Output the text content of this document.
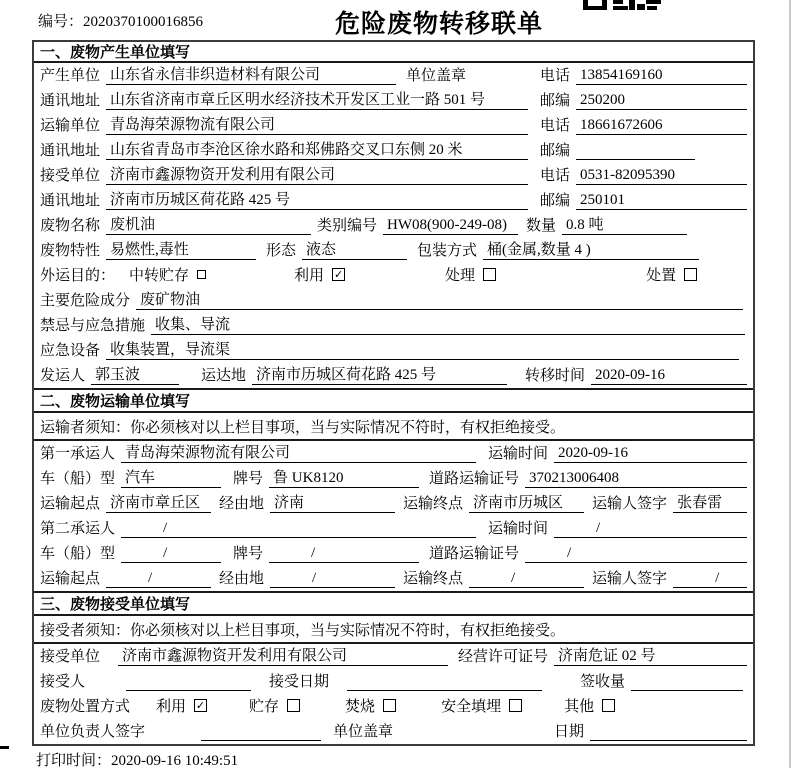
编号：2020370100016856	危险废物转移联单
一、废物产生单位填写
产生单位 山东省永信非织造材料有限公司	单位盖章	电话 13854169160
通讯地址 山东省济南市章丘区明水经济技术开发区工业一路 501 号	邮编 250200
运输单位 青岛海荣源物流有限公司	电话 18661672606
通讯地址 山东省青岛市李沧区徐水路和郑佛路交叉口东侧 20 米	邮编
接受单位 济南市鑫源物资开发利用有限公司	电话 0531-82095390
通讯地址 济南市历城区荷花路 425 号	邮编 250101
废物名称 废机油	类别编号 HW08(900-249-08)	数量 0.8 吨
废物特性 易燃性,毒性	形态 液态	包装方式 桶(金属,数量 4 )
外运目的： 中转贮存	利用 ✓	处理	处置
主要危险成分 废矿物油
禁忌与应急措施 收集、导流
应急设备 收集装置，导流渠
发运人 郭玉波	运达地 济南市历城区荷花路 425 号	转移时间 2020-09-16
二、废物运输单位填写
运输者须知：你必须核对以上栏目事项，当与实际情况不符时，有权拒绝接受。
第一承运人 青岛海荣源物流有限公司	运输时间 2020-09-16
车（船）型 汽车	牌号 鲁 UK8120	道路运输证号 370213006408
运输起点 济南市章丘区	经由地 济南	运输终点 济南市历城区	运输人签字 张春雷
第二承运人	/	运输时间	/
车（船）型	/	牌号	/	道路运输证号	/
运输起点	/	经由地	/	运输终点	/	运输人签字	/
三、废物接受单位填写
接受者须知：你必须核对以上栏目事项，当与实际情况不符时，有权拒绝接受。
接受单位 济南市鑫源物资开发利用有限公司	经营许可证号 济南危证 02 号
接受人	接受日期	签收量
废物处置方式 利用 ✓	贮存	焚烧	安全填埋	其他
单位负责人签字	单位盖章	日期
打印时间：2020-09-16 10:49:51
